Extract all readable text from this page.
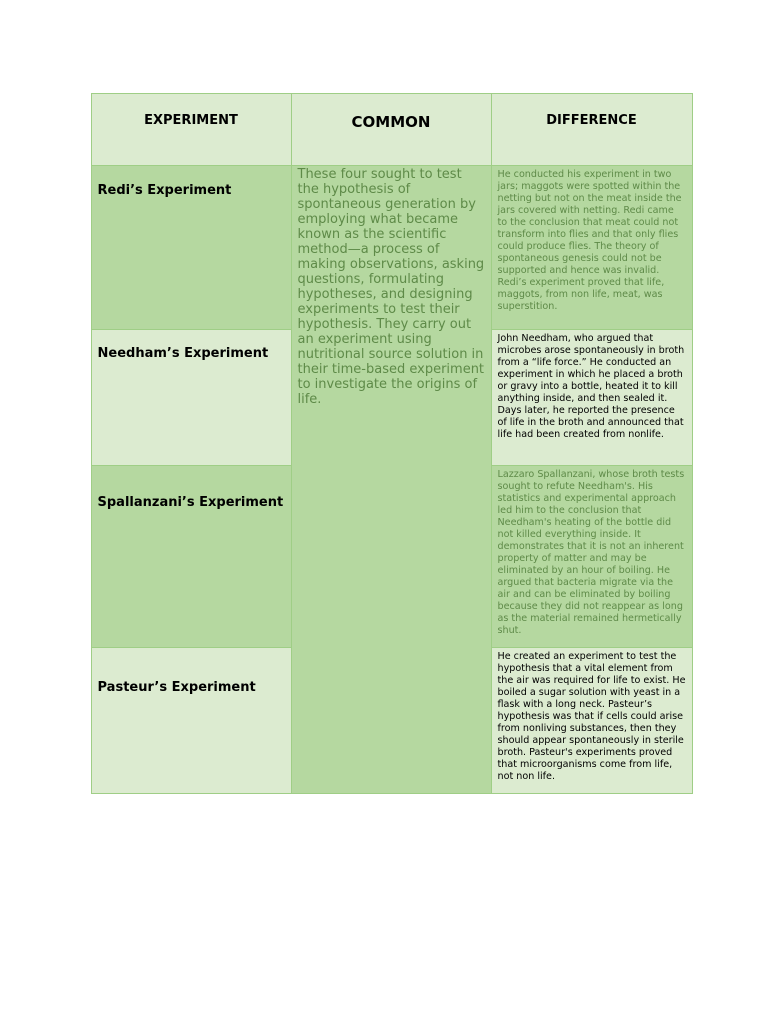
EXPERIMENT	COMMON	DIFFERENCE
Redi’s Experiment
These four sought to test the hypothesis of spontaneous generation by employing what became known as the scientific method—a process of making observations, asking questions, formulating hypotheses, and designing experiments to test their hypothesis. They carry out an experiment using nutritional source solution in their time-based experiment to investigate the origins of life.
He conducted his experiment in two jars; maggots were spotted within the netting but not on the meat inside the jars covered with netting. Redi came to the conclusion that meat could not transform into flies and that only flies could produce flies. The theory of spontaneous genesis could not be supported and hence was invalid. Redi’s experiment proved that life, maggots, from non life, meat, was superstition.
Needham’s Experiment
John Needham, who argued that microbes arose spontaneously in broth from a “life force.” He conducted an experiment in which he placed a broth or gravy into a bottle, heated it to kill anything inside, and then sealed it. Days later, he reported the presence of life in the broth and announced that life had been created from nonlife.
Spallanzani’s Experiment
Lazzaro Spallanzani, whose broth tests sought to refute Needham's. His statistics and experimental approach led him to the conclusion that Needham's heating of the bottle did not killed everything inside. It demonstrates that it is not an inherent property of matter and may be eliminated by an hour of boiling. He argued that bacteria migrate via the air and can be eliminated by boiling because they did not reappear as long as the material remained hermetically shut.
Pasteur’s Experiment
He created an experiment to test the hypothesis that a vital element from the air was required for life to exist. He boiled a sugar solution with yeast in a flask with a long neck. Pasteur’s hypothesis was that if cells could arise from nonliving substances, then they should appear spontaneously in sterile broth. Pasteur's experiments proved that microorganisms come from life, not non life.
